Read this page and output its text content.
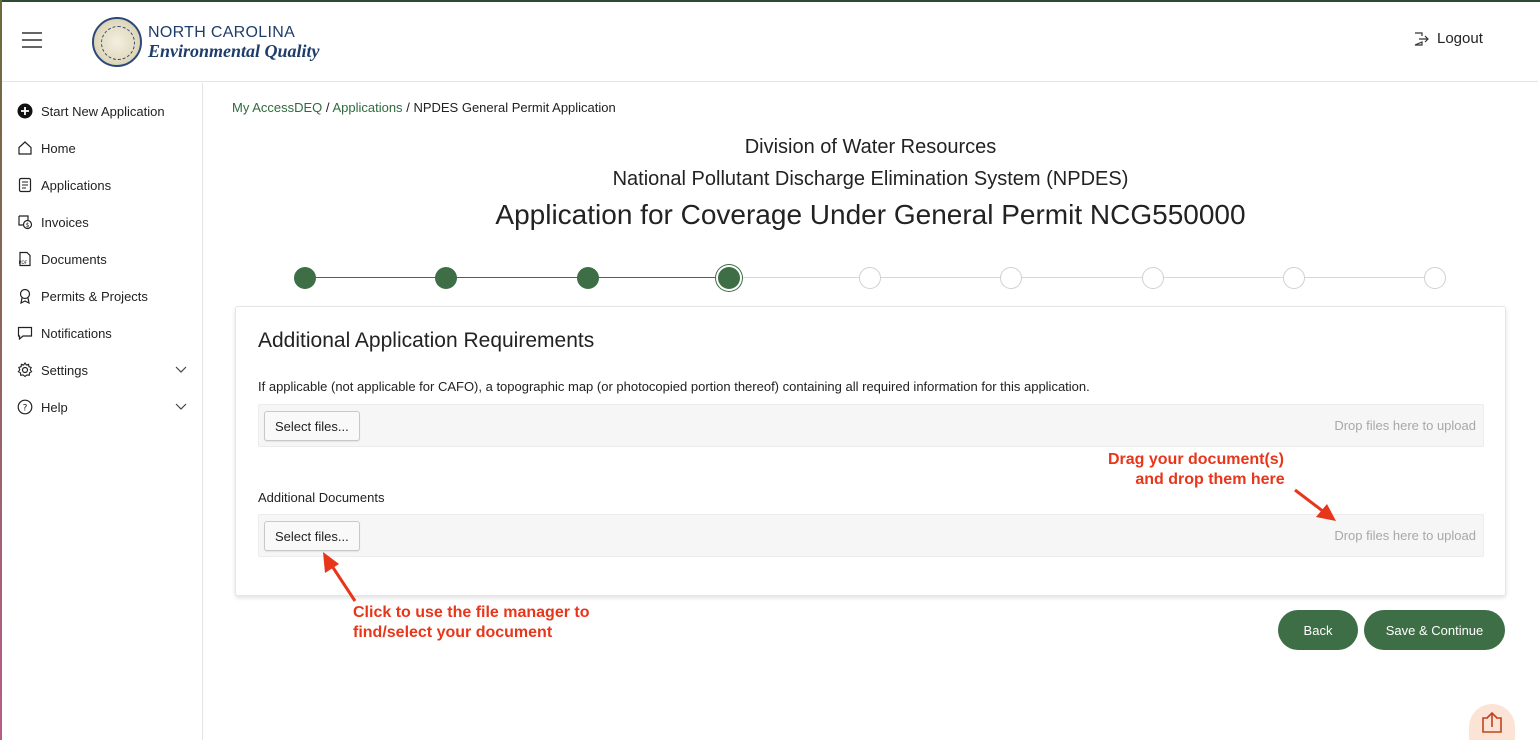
NORTH CAROLINA
Environmental Quality
Logout
Start New Application
Home
Applications
$ Invoices
PDF Documents
Permits & Projects
Notifications
Settings
? Help
My AccessDEQ / Applications / NPDES General Permit Application
Division of Water Resources
National Pollutant Discharge Elimination System (NPDES)
Application for Coverage Under General Permit NCG550000
Additional Application Requirements
If applicable (not applicable for CAFO), a topographic map (or photocopied portion thereof) containing all required information for this application.
Select files...	Drop files here to upload
Additional Documents
Select files...	Drop files here to upload
Back	Save & Continue
Drag your document(s)
and drop them here
Click to use the file manager to
find/select your document
